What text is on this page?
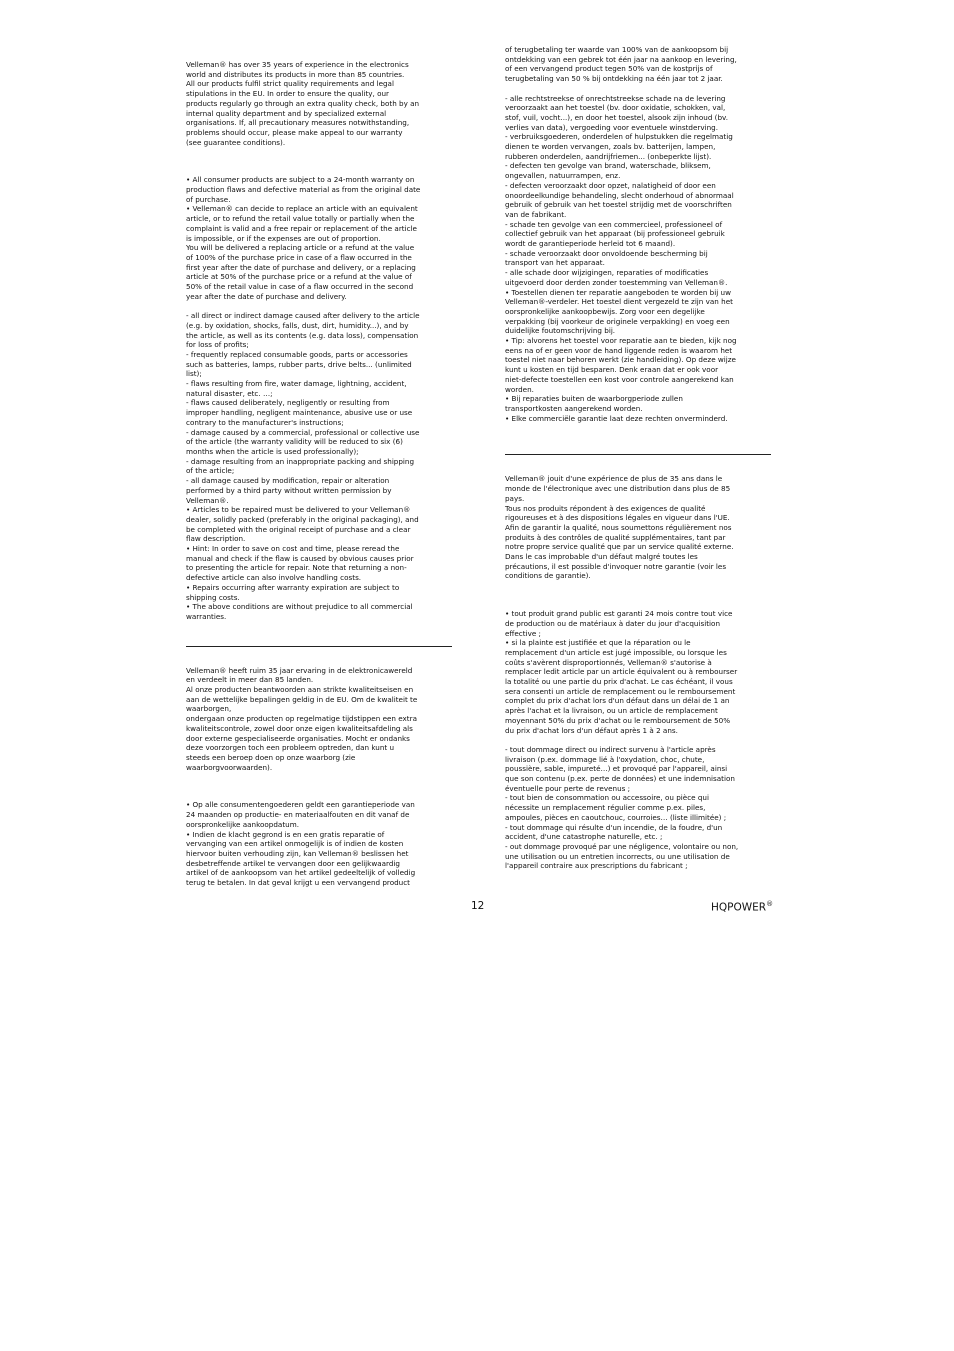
Velleman® has over 35 years of experience in the electronics
world and distributes its products in more than 85 countries.
All our products fulfil strict quality requirements and legal
stipulations in the EU. In order to ensure the quality, our
products regularly go through an extra quality check, both by an
internal quality department and by specialized external
organisations. If, all precautionary measures notwithstanding,
problems should occur, please make appeal to our warranty
(see guarantee conditions).

• All consumer products are subject to a 24-month warranty on
production flaws and defective material as from the original date
of purchase.
• Velleman® can decide to replace an article with an equivalent
article, or to refund the retail value totally or partially when the
complaint is valid and a free repair or replacement of the article
is impossible, or if the expenses are out of proportion.
You will be delivered a replacing article or a refund at the value
of 100% of the purchase price in case of a flaw occurred in the
first year after the date of purchase and delivery, or a replacing
article at 50% of the purchase price or a refund at the value of
50% of the retail value in case of a flaw occurred in the second
year after the date of purchase and delivery.

- all direct or indirect damage caused after delivery to the article
(e.g. by oxidation, shocks, falls, dust, dirt, humidity...), and by
the article, as well as its contents (e.g. data loss), compensation
for loss of profits;
- frequently replaced consumable goods, parts or accessories
such as batteries, lamps, rubber parts, drive belts... (unlimited
list);
- flaws resulting from fire, water damage, lightning, accident,
natural disaster, etc. …;
- flaws caused deliberately, negligently or resulting from
improper handling, negligent maintenance, abusive use or use
contrary to the manufacturer's instructions;
- damage caused by a commercial, professional or collective use
of the article (the warranty validity will be reduced to six (6)
months when the article is used professionally);
- damage resulting from an inappropriate packing and shipping
of the article;
- all damage caused by modification, repair or alteration
performed by a third party without written permission by
Velleman®.
• Articles to be repaired must be delivered to your Velleman®
dealer, solidly packed (preferably in the original packaging), and
be completed with the original receipt of purchase and a clear
flaw description.
• Hint: In order to save on cost and time, please reread the
manual and check if the flaw is caused by obvious causes prior
to presenting the article for repair. Note that returning a non-
defective article can also involve handling costs.
• Repairs occurring after warranty expiration are subject to
shipping costs.
• The above conditions are without prejudice to all commercial
warranties.

Velleman® heeft ruim 35 jaar ervaring in de elektronicawereld
en verdeelt in meer dan 85 landen.
Al onze producten beantwoorden aan strikte kwaliteitseisen en
aan de wettelijke bepalingen geldig in de EU. Om de kwaliteit te
waarborgen,
ondergaan onze producten op regelmatige tijdstippen een extra
kwaliteitscontrole, zowel door onze eigen kwaliteitsafdeling als
door externe gespecialiseerde organisaties. Mocht er ondanks
deze voorzorgen toch een probleem optreden, dan kunt u
steeds een beroep doen op onze waarborg (zie
waarborgvoorwaarden).

• Op alle consumentengoederen geldt een garantieperiode van
24 maanden op productie- en materiaalfouten en dit vanaf de
oorspronkelijke aankoopdatum.
• Indien de klacht gegrond is en een gratis reparatie of
vervanging van een artikel onmogelijk is of indien de kosten
hiervoor buiten verhouding zijn, kan Velleman® beslissen het
desbetreffende artikel te vervangen door een gelijkwaardig
artikel of de aankoopsom van het artikel gedeeltelijk of volledig
terug te betalen. In dat geval krijgt u een vervangend product

of terugbetaling ter waarde van 100% van de aankoopsom bij
ontdekking van een gebrek tot één jaar na aankoop en levering,
of een vervangend product tegen 50% van de kostprijs of
terugbetaling van 50 % bij ontdekking na één jaar tot 2 jaar.

- alle rechtstreekse of onrechtstreekse schade na de levering
veroorzaakt aan het toestel (bv. door oxidatie, schokken, val,
stof, vuil, vocht...), en door het toestel, alsook zijn inhoud (bv.
verlies van data), vergoeding voor eventuele winstderving.
- verbruiksgoederen, onderdelen of hulpstukken die regelmatig
dienen te worden vervangen, zoals bv. batterijen, lampen,
rubberen onderdelen, aandrijfriemen... (onbeperkte lijst).
- defecten ten gevolge van brand, waterschade, bliksem,
ongevallen, natuurrampen, enz.
- defecten veroorzaakt door opzet, nalatigheid of door een
onoordeelkundige behandeling, slecht onderhoud of abnormaal
gebruik of gebruik van het toestel strijdig met de voorschriften
van de fabrikant.
- schade ten gevolge van een commercieel, professioneel of
collectief gebruik van het apparaat (bij professioneel gebruik
wordt de garantieperiode herleid tot 6 maand).
- schade veroorzaakt door onvoldoende bescherming bij
transport van het apparaat.
- alle schade door wijzigingen, reparaties of modificaties
uitgevoerd door derden zonder toestemming van Velleman®.
• Toestellen dienen ter reparatie aangeboden te worden bij uw
Velleman®-verdeler. Het toestel dient vergezeld te zijn van het
oorspronkelijke aankoopbewijs. Zorg voor een degelijke
verpakking (bij voorkeur de originele verpakking) en voeg een
duidelijke foutomschrijving bij.
• Tip: alvorens het toestel voor reparatie aan te bieden, kijk nog
eens na of er geen voor de hand liggende reden is waarom het
toestel niet naar behoren werkt (zie handleiding). Op deze wijze
kunt u kosten en tijd besparen. Denk eraan dat er ook voor
niet-defecte toestellen een kost voor controle aangerekend kan
worden.
• Bij reparaties buiten de waarborgperiode zullen
transportkosten aangerekend worden.
• Elke commerciële garantie laat deze rechten onverminderd.

Velleman® jouit d'une expérience de plus de 35 ans dans le
monde de l'électronique avec une distribution dans plus de 85
pays.
Tous nos produits répondent à des exigences de qualité
rigoureuses et à des dispositions légales en vigueur dans l'UE.
Afin de garantir la qualité, nous soumettons régulièrement nos
produits à des contrôles de qualité supplémentaires, tant par
notre propre service qualité que par un service qualité externe.
Dans le cas improbable d'un défaut malgré toutes les
précautions, il est possible d'invoquer notre garantie (voir les
conditions de garantie).

• tout produit grand public est garanti 24 mois contre tout vice
de production ou de matériaux à dater du jour d'acquisition
effective ;
• si la plainte est justifiée et que la réparation ou le
remplacement d'un article est jugé impossible, ou lorsque les
coûts s'avèrent disproportionnés, Velleman® s'autorise à
remplacer ledit article par un article équivalent ou à rembourser
la totalité ou une partie du prix d'achat. Le cas échéant, il vous
sera consenti un article de remplacement ou le remboursement
complet du prix d'achat lors d'un défaut dans un délai de 1 an
après l'achat et la livraison, ou un article de remplacement
moyennant 50% du prix d'achat ou le remboursement de 50%
du prix d'achat lors d'un défaut après 1 à 2 ans.

- tout dommage direct ou indirect survenu à l'article après
livraison (p.ex. dommage lié à l'oxydation, choc, chute,
poussière, sable, impureté…) et provoqué par l'appareil, ainsi
que son contenu (p.ex. perte de données) et une indemnisation
éventuelle pour perte de revenus ;
- tout bien de consommation ou accessoire, ou pièce qui
nécessite un remplacement régulier comme p.ex. piles,
ampoules, pièces en caoutchouc, courroies… (liste illimitée) ;
- tout dommage qui résulte d'un incendie, de la foudre, d'un
accident, d'une catastrophe naturelle, etc. ;
- out dommage provoqué par une négligence, volontaire ou non,
une utilisation ou un entretien incorrects, ou une utilisation de
l'appareil contraire aux prescriptions du fabricant ;

12	HQPOWER®
